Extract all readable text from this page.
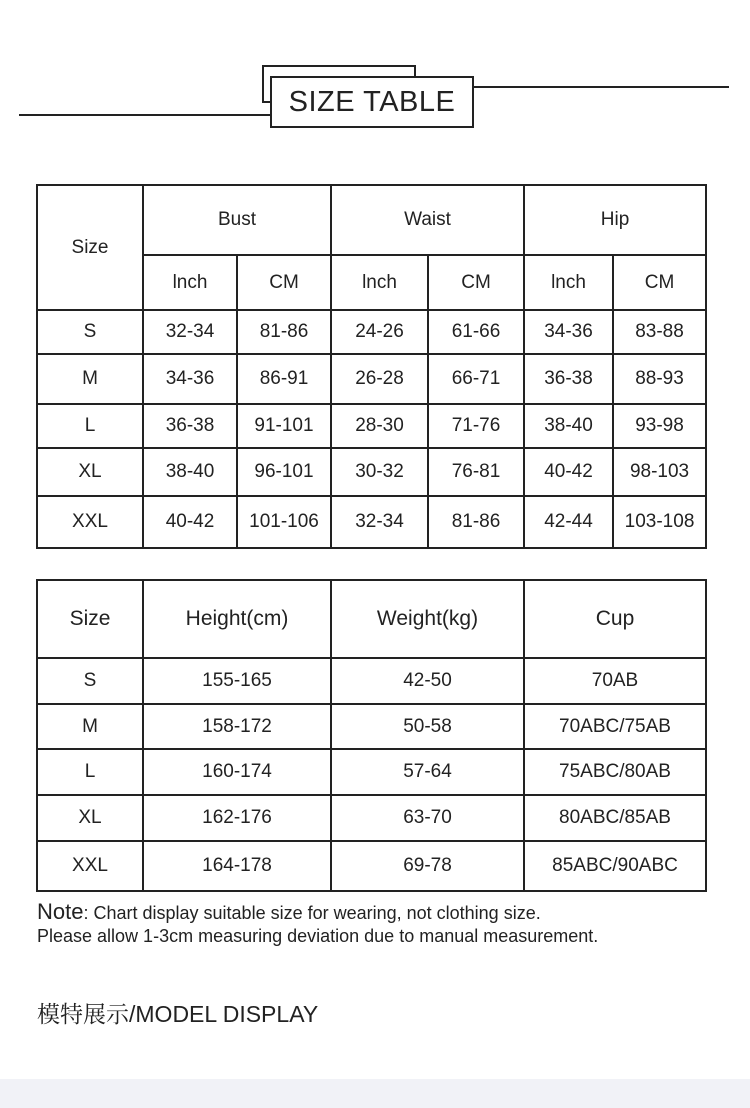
SIZE TABLE
Size	Bust		Waist		Hip	
	lnch	CM	lnch	CM	lnch	CM
S	32-34	81-86	24-26	61-66	34-36	83-88
M	34-36	86-91	26-28	66-71	36-38	88-93
L	36-38	91-101	28-30	71-76	38-40	93-98
XL	38-40	96-101	30-32	76-81	40-42	98-103
XXL	40-42	101-106	32-34	81-86	42-44	103-108
Size	Height(cm)	Weight(kg)	Cup
S	155-165	42-50	70AB
M	158-172	50-58	70ABC/75AB
L	160-174	57-64	75ABC/80AB
XL	162-176	63-70	80ABC/85AB
XXL	164-178	69-78	85ABC/90ABC
Note: Chart display suitable size for wearing, not clothing size.
Please allow 1-3cm measuring deviation due to manual measurement.
模特展示/MODEL DISPLAY
